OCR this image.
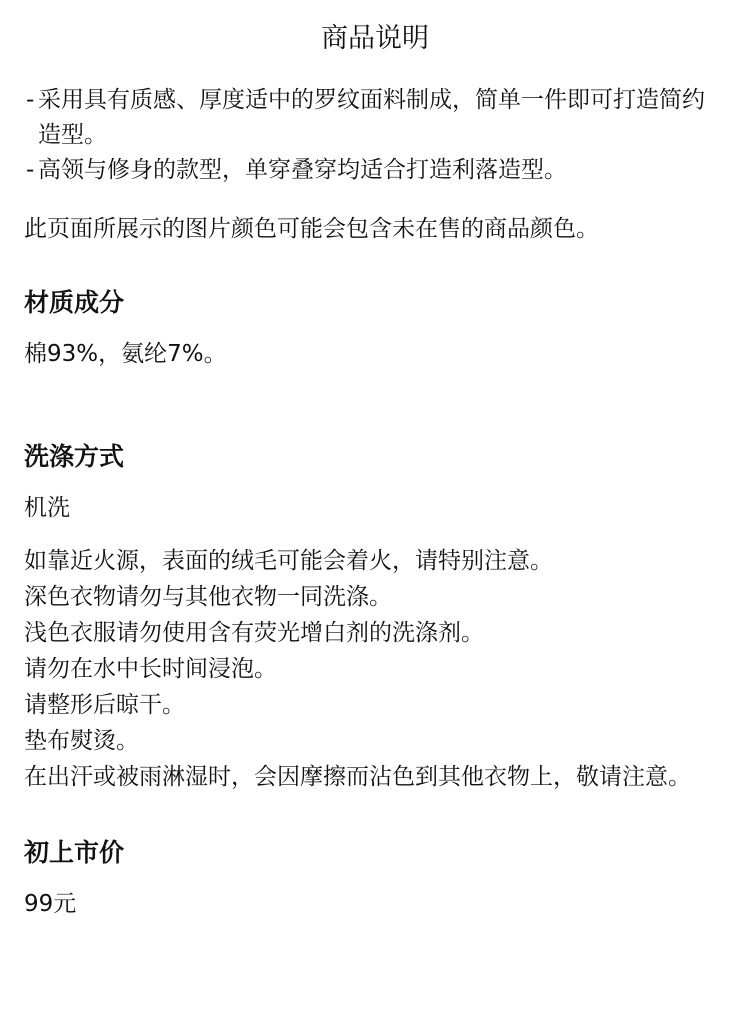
商品说明
- 采用具有质感、厚度适中的罗纹面料制成，简单一件即可打造简约造型。
- 高领与修身的款型，单穿叠穿均适合打造利落造型。

此页面所展示的图片颜色可能会包含未在售的商品颜色。

材质成分

棉93%，氨纶7%。

洗涤方式

机洗

如靠近火源，表面的绒毛可能会着火，请特别注意。

深色衣物请勿与其他衣物一同洗涤。

浅色衣服请勿使用含有荧光增白剂的洗涤剂。

请勿在水中长时间浸泡。

请整形后晾干。

垫布熨烫。

在出汗或被雨淋湿时，会因摩擦而沾色到其他衣物上，敬请注意。

初上市价

99元
